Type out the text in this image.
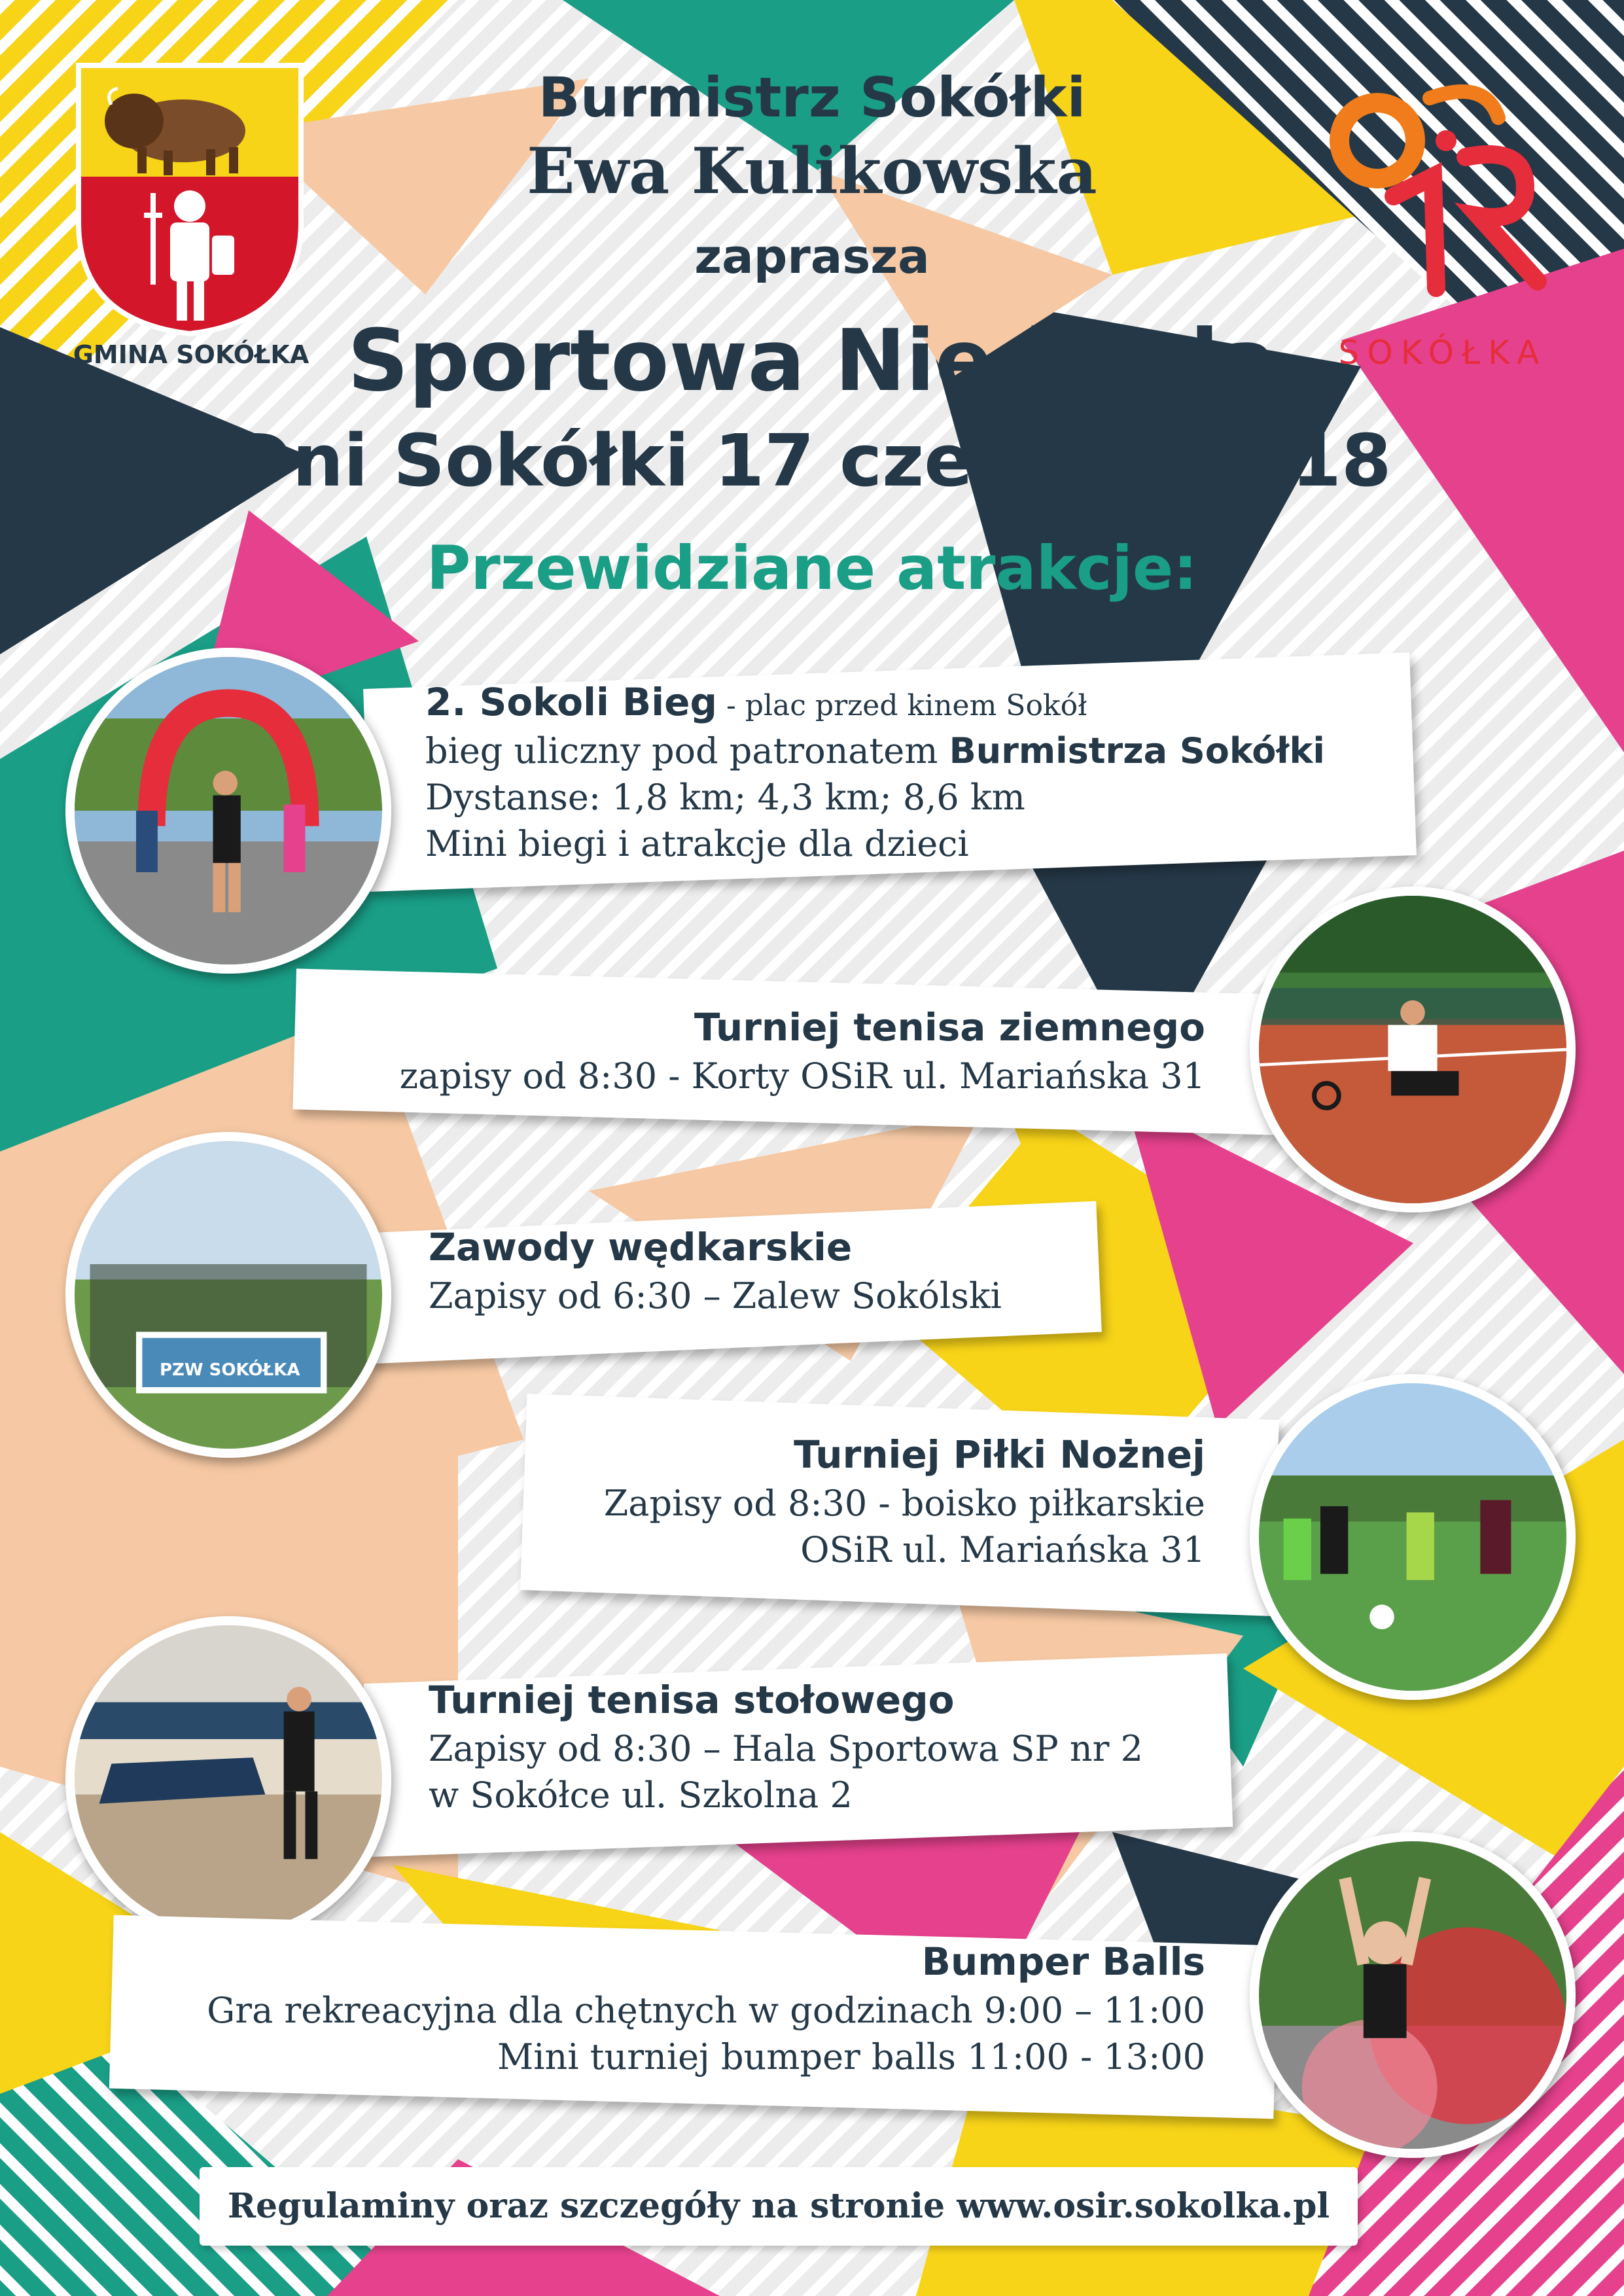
GMINA SOKÓŁKA	SOKÓŁKA
Burmistrz Sokółki
Ewa Kulikowska
zaprasza
Sportowa Niedziela
Dni Sokółki 17 czerwca 2018
Przewidziane atrakcje:
2. Sokoli Bieg - plac przed kinem Sokół
bieg uliczny pod patronatem Burmistrza Sokółki
Dystanse: 1,8 km; 4,3 km; 8,6 km
Mini biegi i atrakcje dla dzieci
Turniej tenisa ziemnego
zapisy od 8:30 - Korty OSiR ul. Mariańska 31
Zawody wędkarskie
Zapisy od 6:30 – Zalew Sokólski
PZW SOKÓŁKA
Turniej Piłki Nożnej
Zapisy od 8:30 - boisko piłkarskie
OSiR ul. Mariańska 31
Turniej tenisa stołowego
Zapisy od 8:30 – Hala Sportowa SP nr 2
w Sokółce ul. Szkolna 2
Bumper Balls
Gra rekreacyjna dla chętnych w godzinach 9:00 – 11:00
Mini turniej bumper balls 11:00 - 13:00
Regulaminy oraz szczegóły na stronie www.osir.sokolka.pl
